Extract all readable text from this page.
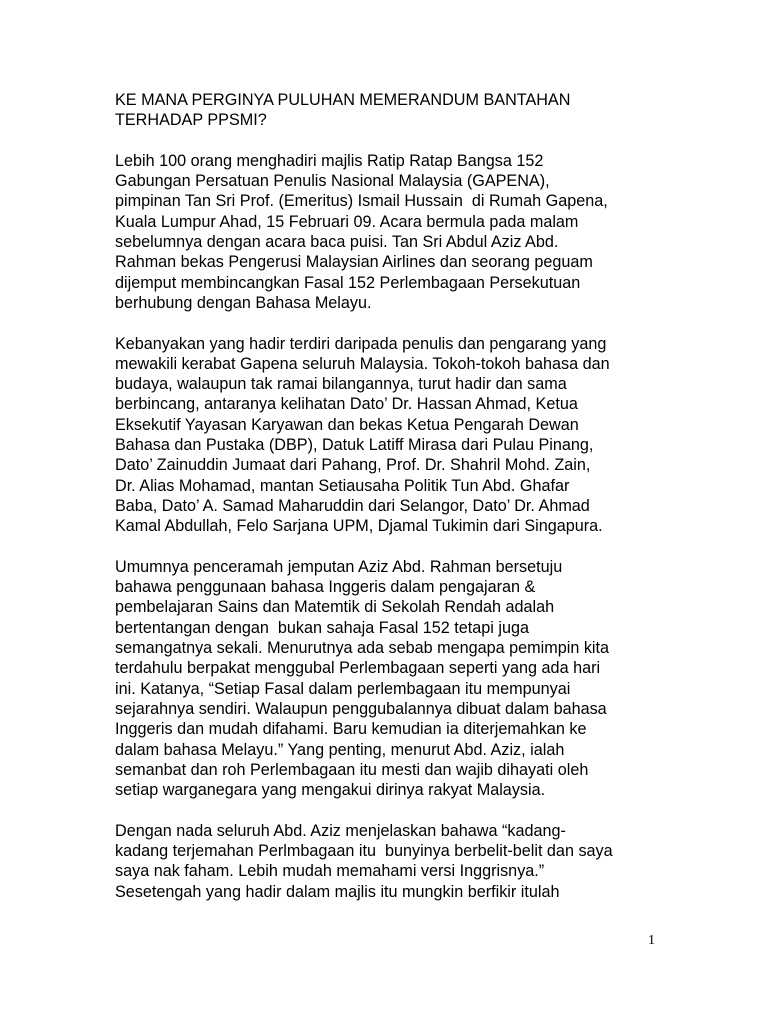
KE MANA PERGINYA PULUHAN MEMERANDUM BANTAHAN
TERHADAP PPSMI?
Lebih 100 orang menghadiri majlis Ratip Ratap Bangsa 152
Gabungan Persatuan Penulis Nasional Malaysia (GAPENA),
pimpinan Tan Sri Prof. (Emeritus) Ismail Hussain  di Rumah Gapena,
Kuala Lumpur Ahad, 15 Februari 09. Acara bermula pada malam
sebelumnya dengan acara baca puisi. Tan Sri Abdul Aziz Abd.
Rahman bekas Pengerusi Malaysian Airlines dan seorang peguam
dijemput membincangkan Fasal 152 Perlembagaan Persekutuan
berhubung dengan Bahasa Melayu.
Kebanyakan yang hadir terdiri daripada penulis dan pengarang yang
mewakili kerabat Gapena seluruh Malaysia. Tokoh-tokoh bahasa dan
budaya, walaupun tak ramai bilangannya, turut hadir dan sama
berbincang, antaranya kelihatan Dato’ Dr. Hassan Ahmad, Ketua
Eksekutif Yayasan Karyawan dan bekas Ketua Pengarah Dewan
Bahasa dan Pustaka (DBP), Datuk Latiff Mirasa dari Pulau Pinang,
Dato’ Zainuddin Jumaat dari Pahang, Prof. Dr. Shahril Mohd. Zain,
Dr. Alias Mohamad, mantan Setiausaha Politik Tun Abd. Ghafar
Baba, Dato’ A. Samad Maharuddin dari Selangor, Dato’ Dr. Ahmad
Kamal Abdullah, Felo Sarjana UPM, Djamal Tukimin dari Singapura.
Umumnya penceramah jemputan Aziz Abd. Rahman bersetuju
bahawa penggunaan bahasa Inggeris dalam pengajaran &
pembelajaran Sains dan Matemtik di Sekolah Rendah adalah
bertentangan dengan  bukan sahaja Fasal 152 tetapi juga
semangatnya sekali. Menurutnya ada sebab mengapa pemimpin kita
terdahulu berpakat menggubal Perlembagaan seperti yang ada hari
ini. Katanya, “Setiap Fasal dalam perlembagaan itu mempunyai
sejarahnya sendiri. Walaupun penggubalannya dibuat dalam bahasa
Inggeris dan mudah difahami. Baru kemudian ia diterjemahkan ke
dalam bahasa Melayu.” Yang penting, menurut Abd. Aziz, ialah
semanbat dan roh Perlembagaan itu mesti dan wajib dihayati oleh
setiap warganegara yang mengakui dirinya rakyat Malaysia.
Dengan nada seluruh Abd. Aziz menjelaskan bahawa “kadang-
kadang terjemahan Perlmbagaan itu  bunyinya berbelit-belit dan saya
saya nak faham. Lebih mudah memahami versi Inggrisnya.”
Sesetengah yang hadir dalam majlis itu mungkin berfikir itulah
1
